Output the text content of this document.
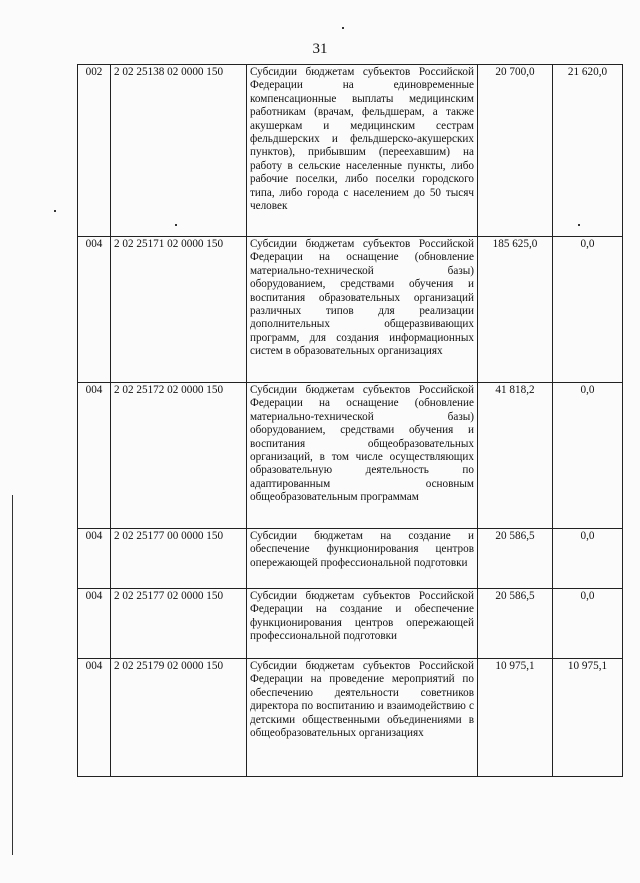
31
002	2 02 25138 02 0000 150	Субсидии бюджетам субъектов Российской Федерации на единовременные компенсационные выплаты медицинским работникам (врачам, фельдшерам, а также акушеркам и медицинским сестрам фельдшерских и фельдшерско-акушерских пунктов), прибывшим (переехавшим) на работу в сельские населенные пункты, либо рабочие поселки, либо поселки городского типа, либо города с населением до 50 тысяч человек	20 700,0	21 620,0
004	2 02 25171 02 0000 150	Субсидии бюджетам субъектов Российской Федерации на оснащение (обновление материально-технической базы) оборудованием, средствами обучения и воспитания образовательных организаций различных типов для реализации дополнительных общеразвивающих программ, для создания информационных систем в образовательных организациях	185 625,0	0,0
004	2 02 25172 02 0000 150	Субсидии бюджетам субъектов Российской Федерации на оснащение (обновление материально-технической базы) оборудованием, средствами обучения и воспитания общеобразовательных организаций, в том числе осуществляющих образовательную деятельность по адаптированным основным общеобразовательным программам	41 818,2	0,0
004	2 02 25177 00 0000 150	Субсидии бюджетам на создание и обеспечение функционирования центров опережающей профессиональной подготовки	20 586,5	0,0
004	2 02 25177 02 0000 150	Субсидии бюджетам субъектов Российской Федерации на создание и обеспечение функционирования центров опережающей профессиональной подготовки	20 586,5	0,0
004	2 02 25179 02 0000 150	Субсидии бюджетам субъектов Российской Федерации на проведение мероприятий по обеспечению деятельности советников директора по воспитанию и взаимодействию с детскими общественными объединениями в общеобразовательных организациях	10 975,1	10 975,1
